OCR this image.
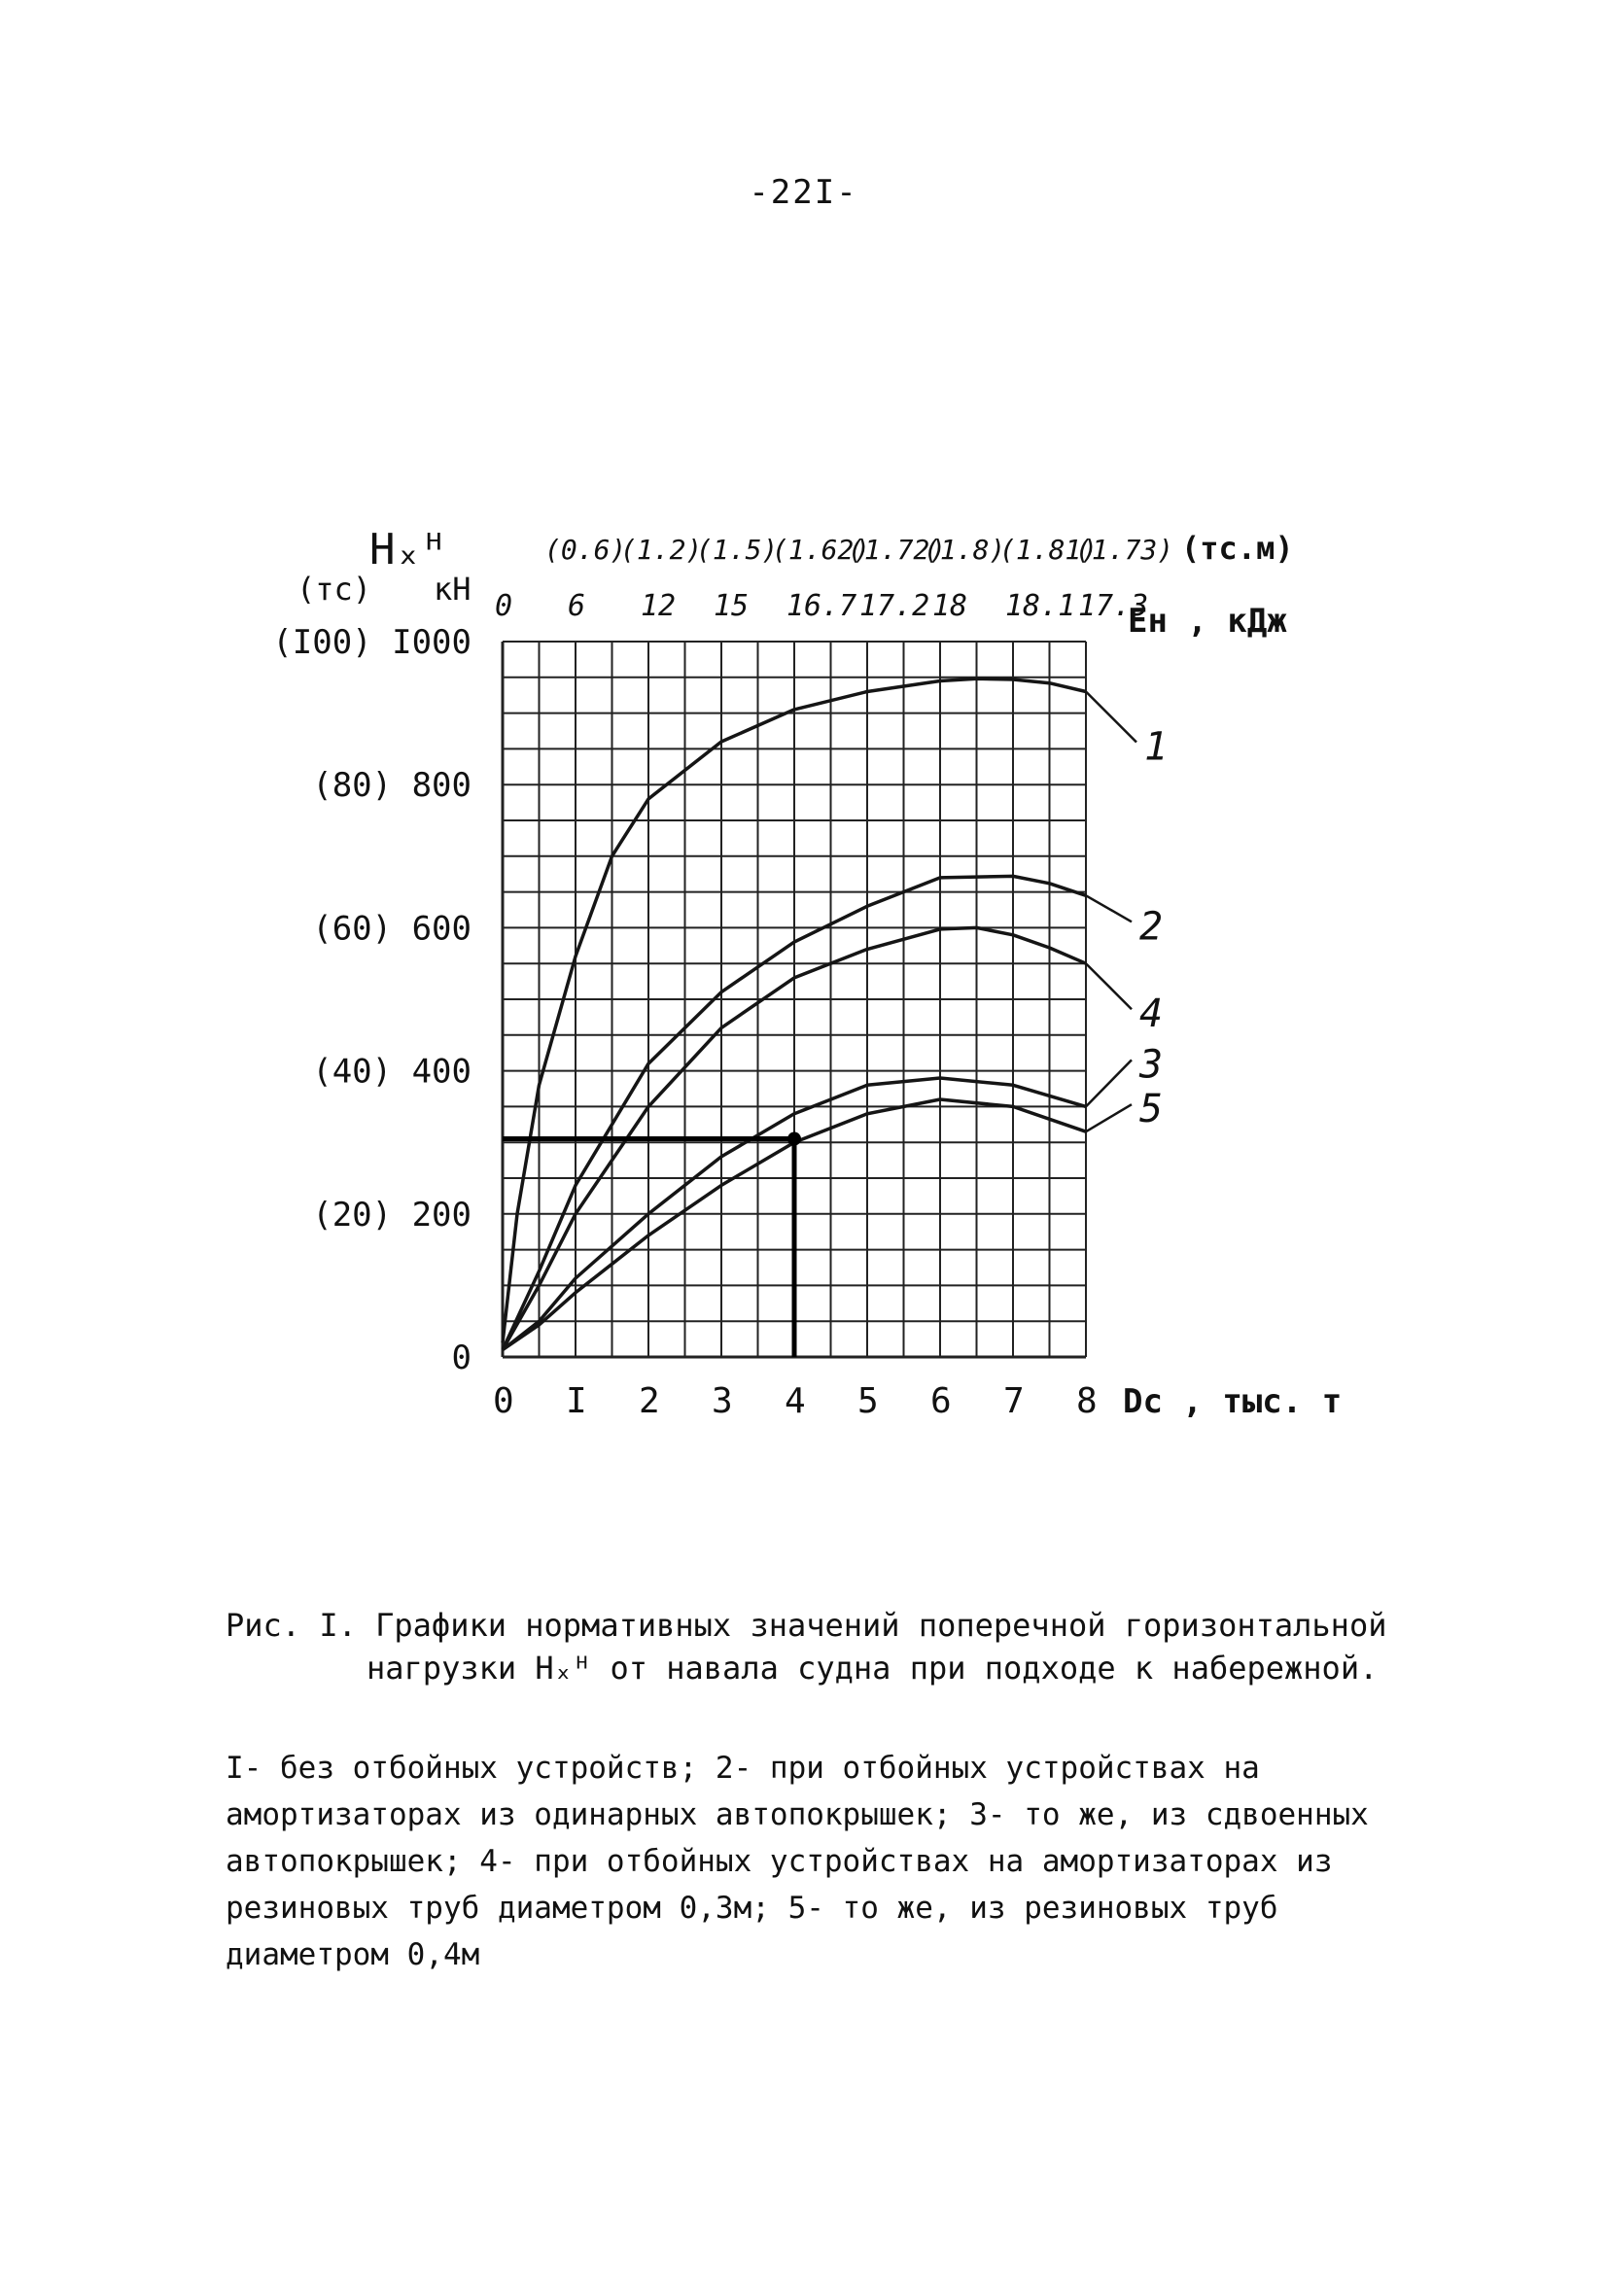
-22I-
1
2
4
3
5
0 I 2 3 4 5 6 7 8 Dс , тыс. т
0
(20) 200
(40) 400
(60) 600
(80) 800
(I00) I000
Hₓᴴ
(тс) кН 0 6 12 15 16.7 17.2 18 18.1 17.3
Eн , кДж
(0.6)
(1.2)
(1.5)
(1.62)
(1.72)
(1.8)
(1.81)
(1.73) (тс.м)
Рис. I. Графики нормативных значений поперечной горизонтальной
нагрузки Hₓᴴ от навала судна при подходе к набережной.
I- без отбойных устройств; 2- при отбойных устройствах на амортизаторах из одинарных автопокрышек; 3- то же, из сдвоенных автопокрышек; 4- при отбойных устройствах на амортизаторах из резиновых труб диаметром 0,3м; 5- то же, из резиновых труб диаметром 0,4м
